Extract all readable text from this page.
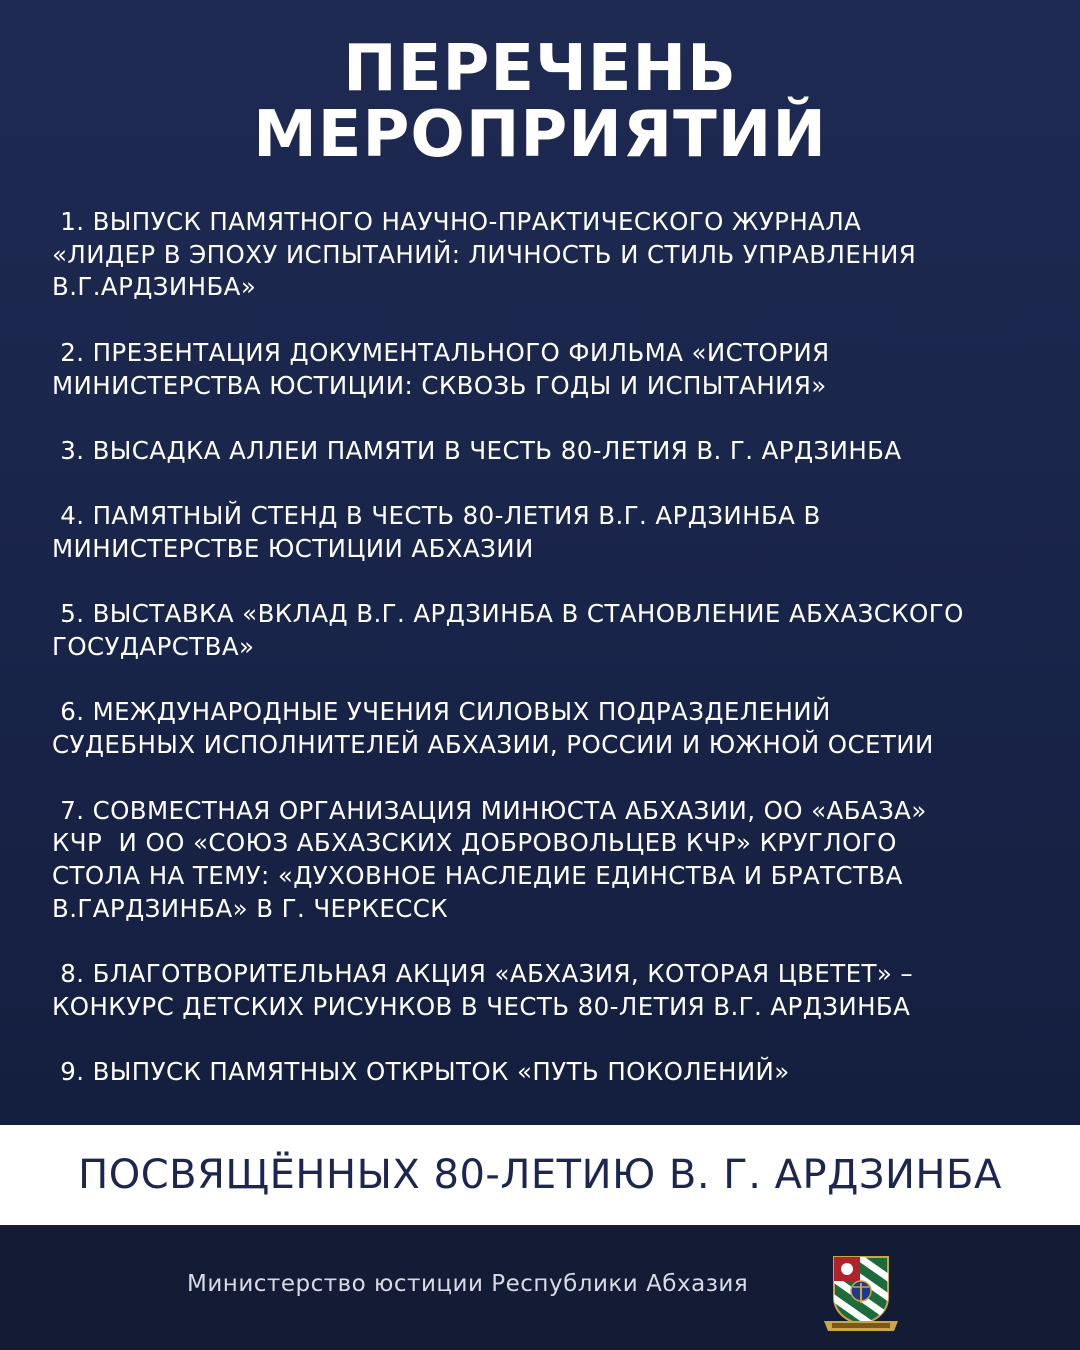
ПЕРЕЧЕНЬ
МЕРОПРИЯТИЙ
1. ВЫПУСК ПАМЯТНОГО НАУЧНО-ПРАКТИЧЕСКОГО ЖУРНАЛА
«ЛИДЕР В ЭПОХУ ИСПЫТАНИЙ: ЛИЧНОСТЬ И СТИЛЬ УПРАВЛЕНИЯ
В.Г.АРДЗИНБА»
2. ПРЕЗЕНТАЦИЯ ДОКУМЕНТАЛЬНОГО ФИЛЬМА «ИСТОРИЯ
МИНИСТЕРСТВА ЮСТИЦИИ: СКВОЗЬ ГОДЫ И ИСПЫТАНИЯ»
3. ВЫСАДКА АЛЛЕИ ПАМЯТИ В ЧЕСТЬ 80-ЛЕТИЯ В. Г. АРДЗИНБА
4. ПАМЯТНЫЙ СТЕНД В ЧЕСТЬ 80-ЛЕТИЯ В.Г. АРДЗИНБА В
МИНИСТЕРСТВЕ ЮСТИЦИИ АБХАЗИИ
5. ВЫСТАВКА «ВКЛАД В.Г. АРДЗИНБА В СТАНОВЛЕНИЕ АБХАЗСКОГО
ГОСУДАРСТВА»
6. МЕЖДУНАРОДНЫЕ УЧЕНИЯ СИЛОВЫХ ПОДРАЗДЕЛЕНИЙ
СУДЕБНЫХ ИСПОЛНИТЕЛЕЙ АБХАЗИИ, РОССИИ И ЮЖНОЙ ОСЕТИИ
7. СОВМЕСТНАЯ ОРГАНИЗАЦИЯ МИНЮСТА АБХАЗИИ, ОО «АБАЗА»
КЧР  И ОО «СОЮЗ АБХАЗСКИХ ДОБРОВОЛЬЦЕВ КЧР» КРУГЛОГО
СТОЛА НА ТЕМУ: «ДУХОВНОЕ НАСЛЕДИЕ ЕДИНСТВА И БРАТСТВА
В.ГАРДЗИНБА» В Г. ЧЕРКЕССК
8. БЛАГОТВОРИТЕЛЬНАЯ АКЦИЯ «АБХАЗИЯ, КОТОРАЯ ЦВЕТЕТ» –
КОНКУРС ДЕТСКИХ РИСУНКОВ В ЧЕСТЬ 80-ЛЕТИЯ В.Г. АРДЗИНБА
9. ВЫПУСК ПАМЯТНЫХ ОТКРЫТОК «ПУТЬ ПОКОЛЕНИЙ»
ПОСВЯЩЁННЫХ 80-ЛЕТИЮ В. Г. АРДЗИНБА
Министерство юстиции Республики Абхазия
